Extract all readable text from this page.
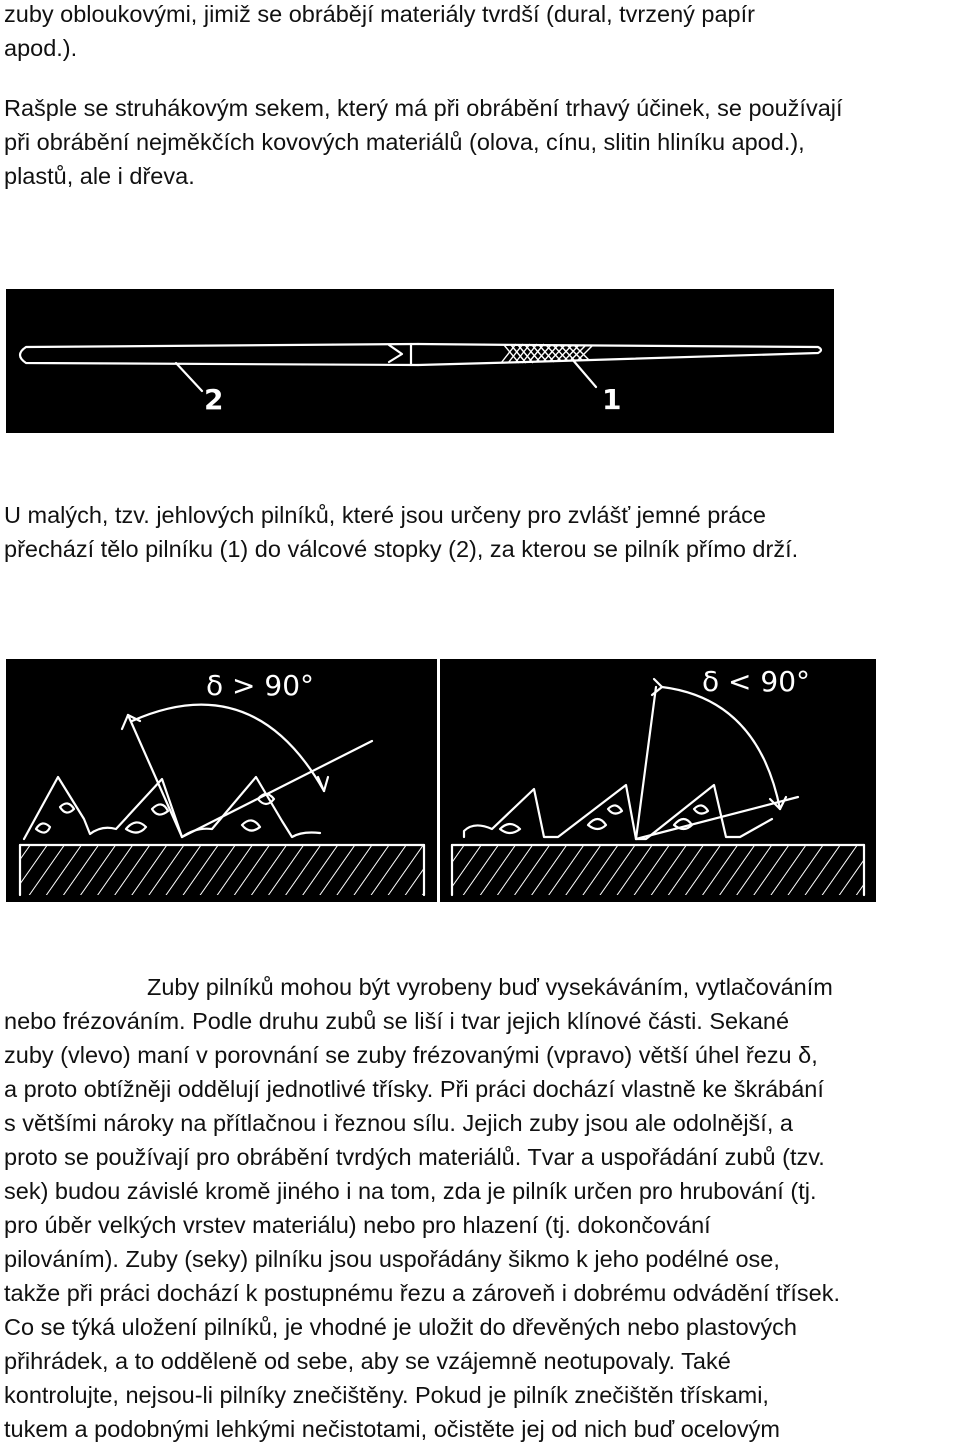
zuby obloukovými, jimiž se obrábějí materiály tvrdší (dural, tvrzený papír
apod.).
Rašple se struhákovým sekem, který má při obrábění trhavý účinek, se používají
při obrábění nejměkčích kovových materiálů (olova, cínu, slitin hliníku apod.),
plastů, ale i dřeva.
2	1
U malých, tzv. jehlových pilníků, které jsou určeny pro zvlášť jemné práce
přechází tělo pilníku (1) do válcové stopky (2), za kterou se pilník přímo drží.
δ > 90°	δ < 90°
Zuby pilníků mohou být vyrobeny buď vysekáváním, vytlačováním
nebo frézováním. Podle druhu zubů se liší i tvar jejich klínové části. Sekané
zuby (vlevo) maní v porovnání se zuby frézovanými (vpravo) větší úhel řezu δ,
a proto obtížněji oddělují jednotlivé třísky. Při práci dochází vlastně ke škrábání
s většími nároky na přítlačnou i řeznou sílu. Jejich zuby jsou ale odolnější, a
proto se používají pro obrábění tvrdých materiálů. Tvar a uspořádání zubů (tzv.
sek) budou závislé kromě jiného i na tom, zda je pilník určen pro hrubování (tj.
pro úběr velkých vrstev materiálu) nebo pro hlazení (tj. dokončování
pilováním). Zuby (seky) pilníku jsou uspořádány šikmo k jeho podélné ose,
takže při práci dochází k postupnému řezu a zároveň i dobrému odvádění třísek.
Co se týká uložení pilníků, je vhodné je uložit do dřevěných nebo plastových
přihrádek, a to odděleně od sebe, aby se vzájemně neotupovaly. Také
kontrolujte, nejsou-li pilníky znečištěny. Pokud je pilník znečištěn třískami,
tukem a podobnými lehkými nečistotami, očistěte jej od nich buď ocelovým
